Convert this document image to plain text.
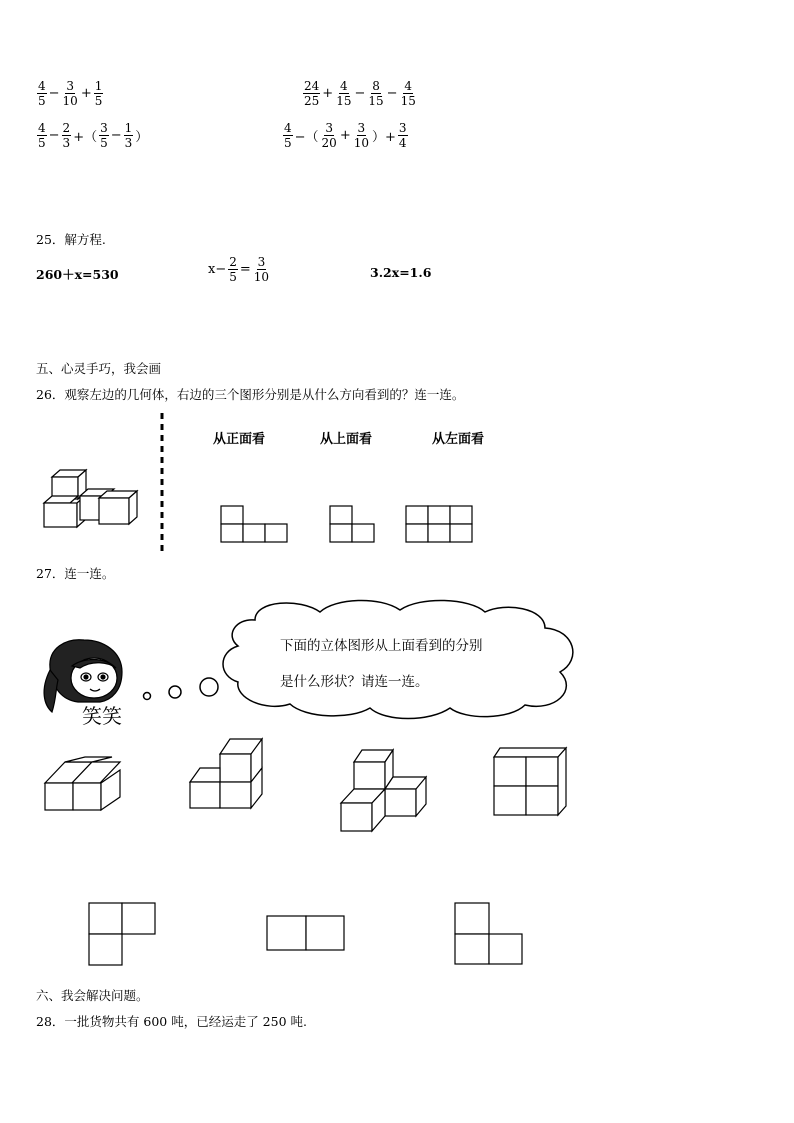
$\frac{4}{5} - \frac{3}{10} + \frac{1}{5}$	$\frac{24}{25} + \frac{4}{15} - \frac{8}{15} - \frac{4}{15}$
$\frac{4}{5} - \frac{2}{3}$ +（ $\frac{3}{5} - \frac{1}{3}$ ）	$\frac{4}{5}$ −（ $\frac{3}{20} + \frac{3}{10}$ ）+ $\frac{3}{4}$
25．解方程.
260＋x=530	$x- \frac{2}{5} = \frac{3}{10}$	3.2x=1.6
五、心灵手巧，我会画
26．观察左边的几何体，右边的三个图形分别是从什么方向看到的？连一连。
从正面看	从上面看	从左面看
27．连一连。
下面的立体图形从上面看到的分别
是什么形状？请连一连。
笑笑
六、我会解决问题。
28．一批货物共有 600 吨，已经运走了 250 吨.
